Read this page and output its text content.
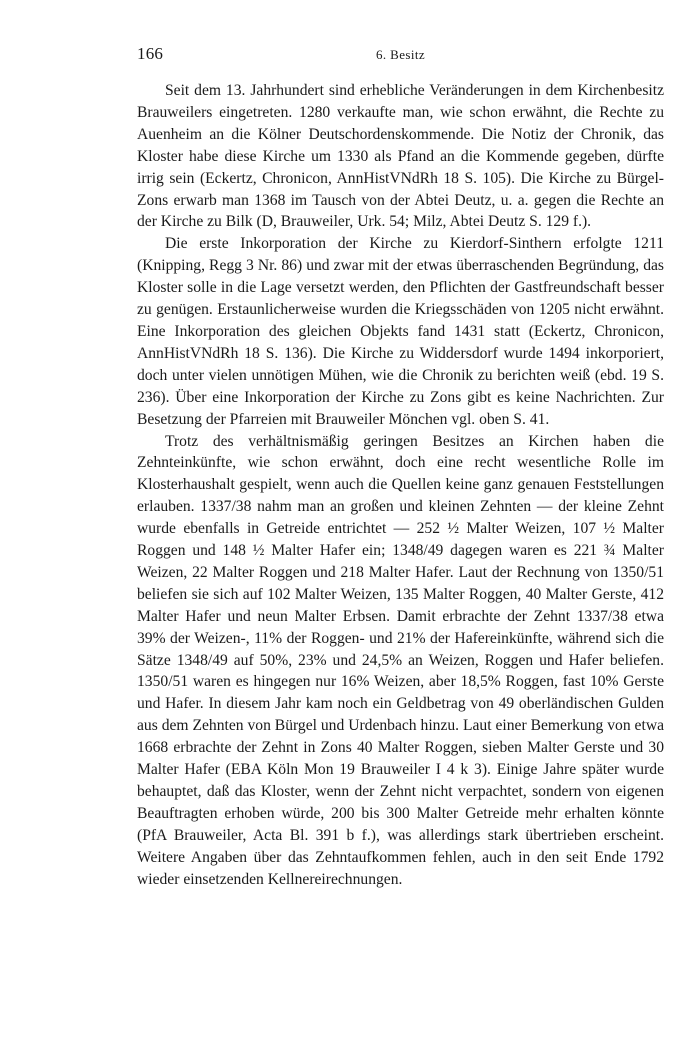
166	6. Besitz

Seit dem 13. Jahrhundert sind erhebliche Veränderungen in dem Kirchenbesitz Brauweilers eingetreten. 1280 verkaufte man, wie schon erwähnt, die Rechte zu Auenheim an die Kölner Deutschordenskommende. Die Notiz der Chronik, das Kloster habe diese Kirche um 1330 als Pfand an die Kommende gegeben, dürfte irrig sein (Eckertz, Chronicon, AnnHistVNdRh 18 S. 105). Die Kirche zu Bürgel-Zons erwarb man 1368 im Tausch von der Abtei Deutz, u. a. gegen die Rechte an der Kirche zu Bilk (D, Brauweiler, Urk. 54; Milz, Abtei Deutz S. 129 f.).

Die erste Inkorporation der Kirche zu Kierdorf-Sinthern erfolgte 1211 (Knipping, Regg 3 Nr. 86) und zwar mit der etwas überraschenden Begründung, das Kloster solle in die Lage versetzt werden, den Pflichten der Gastfreundschaft besser zu genügen. Erstaunlicherweise wurden die Kriegsschäden von 1205 nicht erwähnt. Eine Inkorporation des gleichen Objekts fand 1431 statt (Eckertz, Chronicon, AnnHistVNdRh 18 S. 136). Die Kirche zu Widdersdorf wurde 1494 inkorporiert, doch unter vielen unnötigen Mühen, wie die Chronik zu berichten weiß (ebd. 19 S. 236). Über eine Inkorporation der Kirche zu Zons gibt es keine Nachrichten. Zur Besetzung der Pfarreien mit Brauweiler Mönchen vgl. oben S. 41.

Trotz des verhältnismäßig geringen Besitzes an Kirchen haben die Zehnteinkünfte, wie schon erwähnt, doch eine recht wesentliche Rolle im Klosterhaushalt gespielt, wenn auch die Quellen keine ganz genauen Feststellungen erlauben. 1337/38 nahm man an großen und kleinen Zehnten — der kleine Zehnt wurde ebenfalls in Getreide entrichtet — 252 ½ Malter Weizen, 107 ½ Malter Roggen und 148 ½ Malter Hafer ein; 1348/49 dagegen waren es 221 ¾ Malter Weizen, 22 Malter Roggen und 218 Malter Hafer. Laut der Rechnung von 1350/51 beliefen sie sich auf 102 Malter Weizen, 135 Malter Roggen, 40 Malter Gerste, 412 Malter Hafer und neun Malter Erbsen. Damit erbrachte der Zehnt 1337/38 etwa 39% der Weizen-, 11% der Roggen- und 21% der Hafereinkünfte, während sich die Sätze 1348/49 auf 50%, 23% und 24,5% an Weizen, Roggen und Hafer beliefen. 1350/51 waren es hingegen nur 16% Weizen, aber 18,5% Roggen, fast 10% Gerste und Hafer. In diesem Jahr kam noch ein Geldbetrag von 49 oberländischen Gulden aus dem Zehnten von Bürgel und Urdenbach hinzu. Laut einer Bemerkung von etwa 1668 erbrachte der Zehnt in Zons 40 Malter Roggen, sieben Malter Gerste und 30 Malter Hafer (EBA Köln Mon 19 Brauweiler I 4 k 3). Einige Jahre später wurde behauptet, daß das Kloster, wenn der Zehnt nicht verpachtet, sondern von eigenen Beauftragten erhoben würde, 200 bis 300 Malter Getreide mehr erhalten könnte (PfA Brauweiler, Acta Bl. 391 b f.), was allerdings stark übertrieben erscheint. Weitere Angaben über das Zehntaufkommen fehlen, auch in den seit Ende 1792 wieder einsetzenden Kellnereirechnungen.
